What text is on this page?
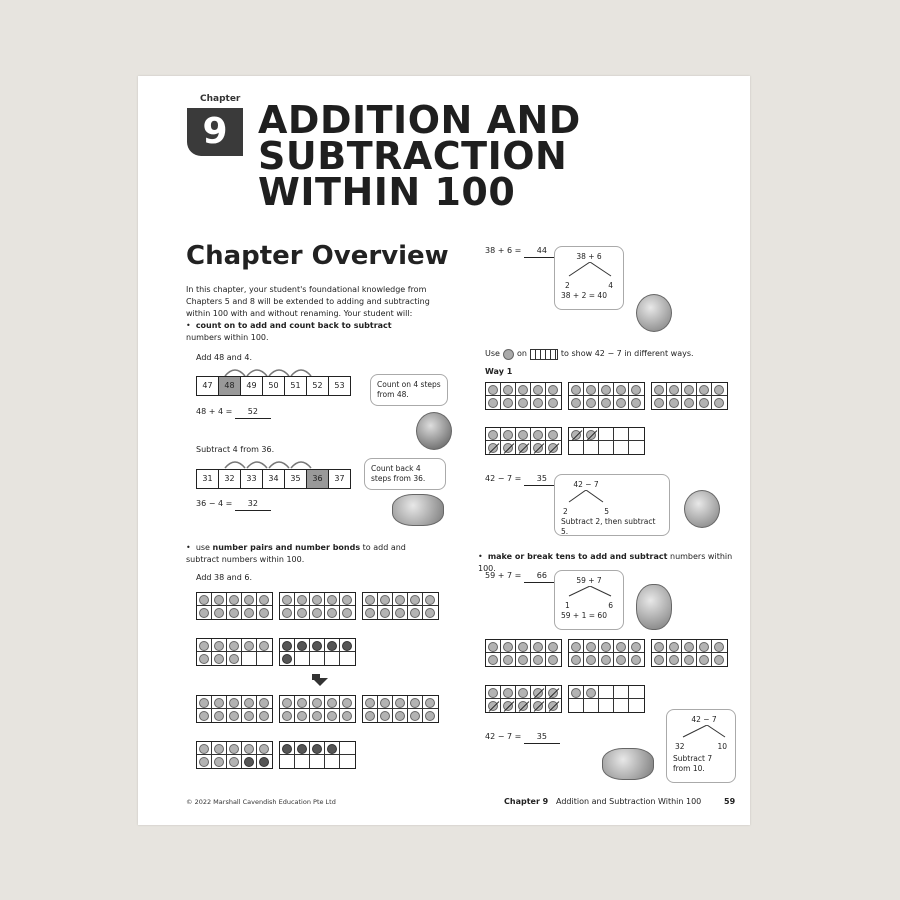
Chapter
9 ADDITION AND
SUBTRACTION
WITHIN 100
Chapter Overview
In this chapter, your student's foundational knowledge from Chapters 5 and 8 will be extended to adding and subtracting within 100 with and without renaming. Your student will:
•  count on to add and count back to subtract numbers within 100.
Add 48 and 4.
47	48	49	50	51	52	53
48 + 4 = 52
Count on 4 steps from 48.
Subtract 4 from 36.
31	32	33	34	35	36	37
36 − 4 = 32
Count back 4 steps from 36.
•  use number pairs and number bonds to add and subtract numbers within 100.
Add 38 and 6.
38 + 6 = 44
38 + 6
2	4
38 + 2 = 40
Use on	to show 42 − 7 in different ways.
Way 1
42 − 7 = 35
42 − 7
2	5
Subtract 2, then subtract 5.
•  make or break tens to add and subtract numbers within 100.
59 + 7 = 66
59 + 7
1	6
59 + 1 = 60
42 − 7 = 35
42 − 7
32	10
Subtract 7 from 10.
© 2022 Marshall Cavendish Education Pte Ltd	Chapter 9 Addition and Subtraction Within 100	59
